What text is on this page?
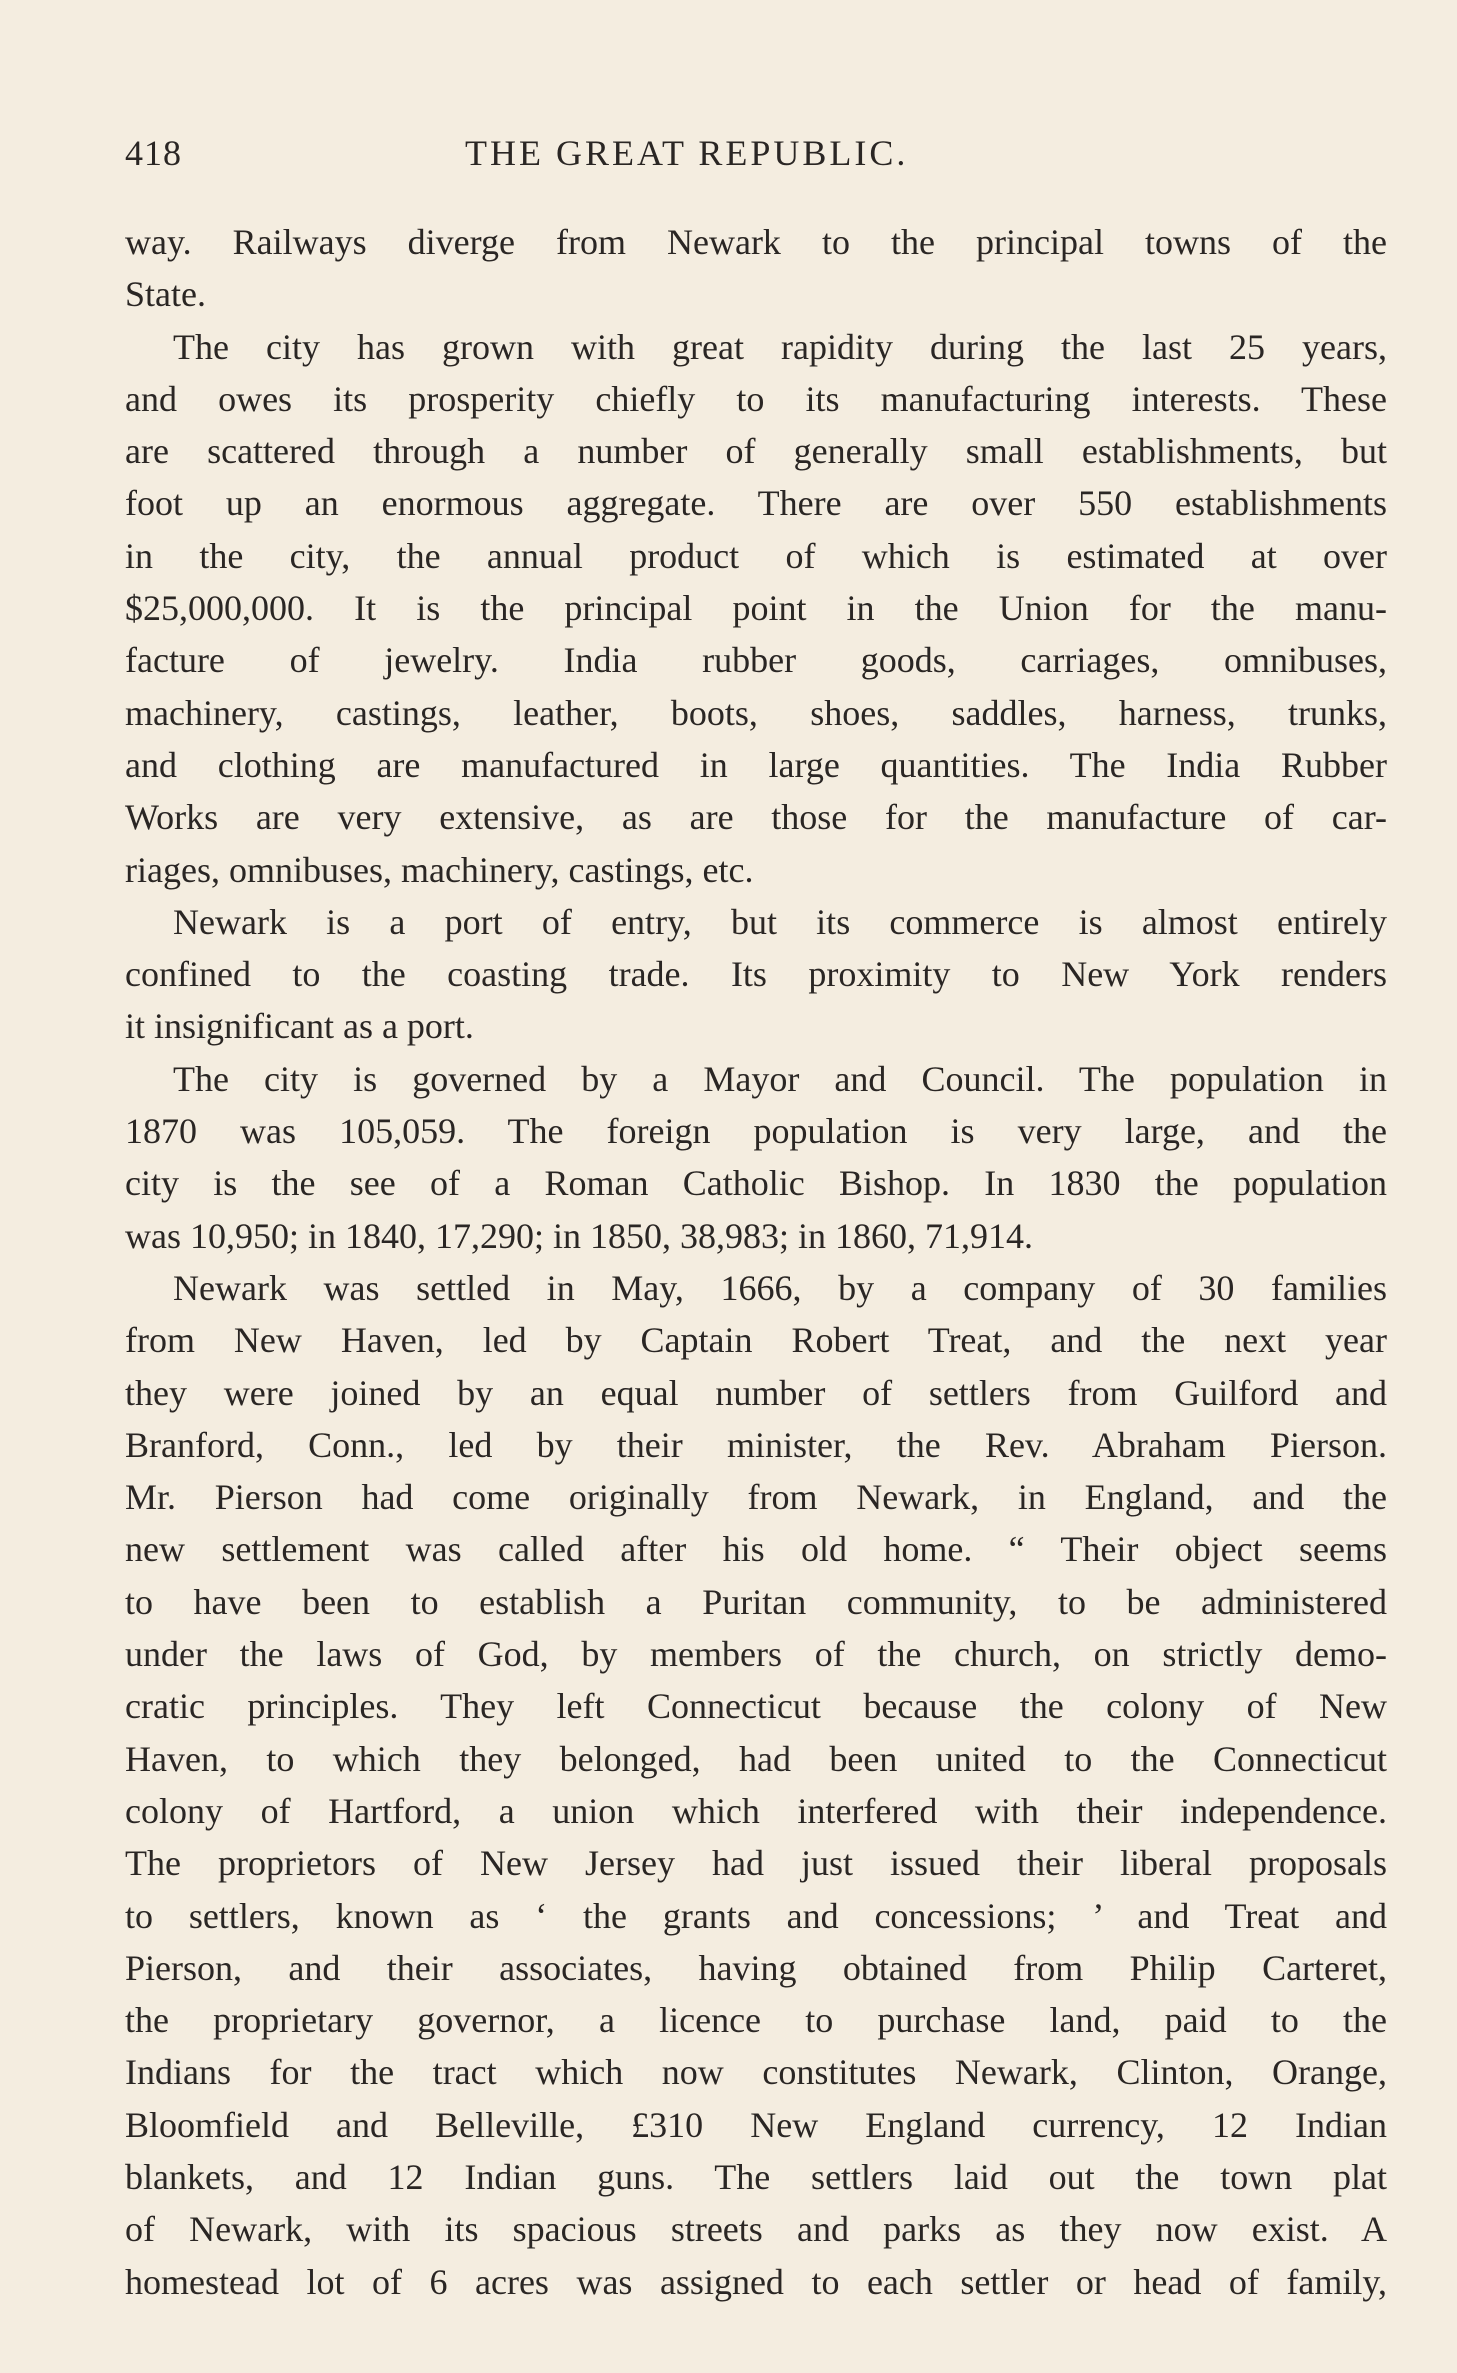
418	THE GREAT REPUBLIC.
way. Railways diverge from Newark to the principal towns of the
State.
The city has grown with great rapidity during the last 25 years,
and owes its prosperity chiefly to its manufacturing interests. These
are scattered through a number of generally small establishments, but
foot up an enormous aggregate. There are over 550 establishments
in the city, the annual product of which is estimated at over
$25,000,000. It is the principal point in the Union for the manu-
facture of jewelry. India rubber goods, carriages, omnibuses,
machinery, castings, leather, boots, shoes, saddles, harness, trunks,
and clothing are manufactured in large quantities. The India Rubber
Works are very extensive, as are those for the manufacture of car-
riages, omnibuses, machinery, castings, etc.
Newark is a port of entry, but its commerce is almost entirely
confined to the coasting trade. Its proximity to New York renders
it insignificant as a port.
The city is governed by a Mayor and Council. The population in
1870 was 105,059. The foreign population is very large, and the
city is the see of a Roman Catholic Bishop. In 1830 the population
was 10,950; in 1840, 17,290; in 1850, 38,983; in 1860, 71,914.
Newark was settled in May, 1666, by a company of 30 families
from New Haven, led by Captain Robert Treat, and the next year
they were joined by an equal number of settlers from Guilford and
Branford, Conn., led by their minister, the Rev. Abraham Pierson.
Mr. Pierson had come originally from Newark, in England, and the
new settlement was called after his old home. “ Their object seems
to have been to establish a Puritan community, to be administered
under the laws of God, by members of the church, on strictly demo-
cratic principles. They left Connecticut because the colony of New
Haven, to which they belonged, had been united to the Connecticut
colony of Hartford, a union which interfered with their independence.
The proprietors of New Jersey had just issued their liberal proposals
to settlers, known as ‘ the grants and concessions; ’ and Treat and
Pierson, and their associates, having obtained from Philip Carteret,
the proprietary governor, a licence to purchase land, paid to the
Indians for the tract which now constitutes Newark, Clinton, Orange,
Bloomfield and Belleville, £310 New England currency, 12 Indian
blankets, and 12 Indian guns. The settlers laid out the town plat
of Newark, with its spacious streets and parks as they now exist. A
homestead lot of 6 acres was assigned to each settler or head of family,
